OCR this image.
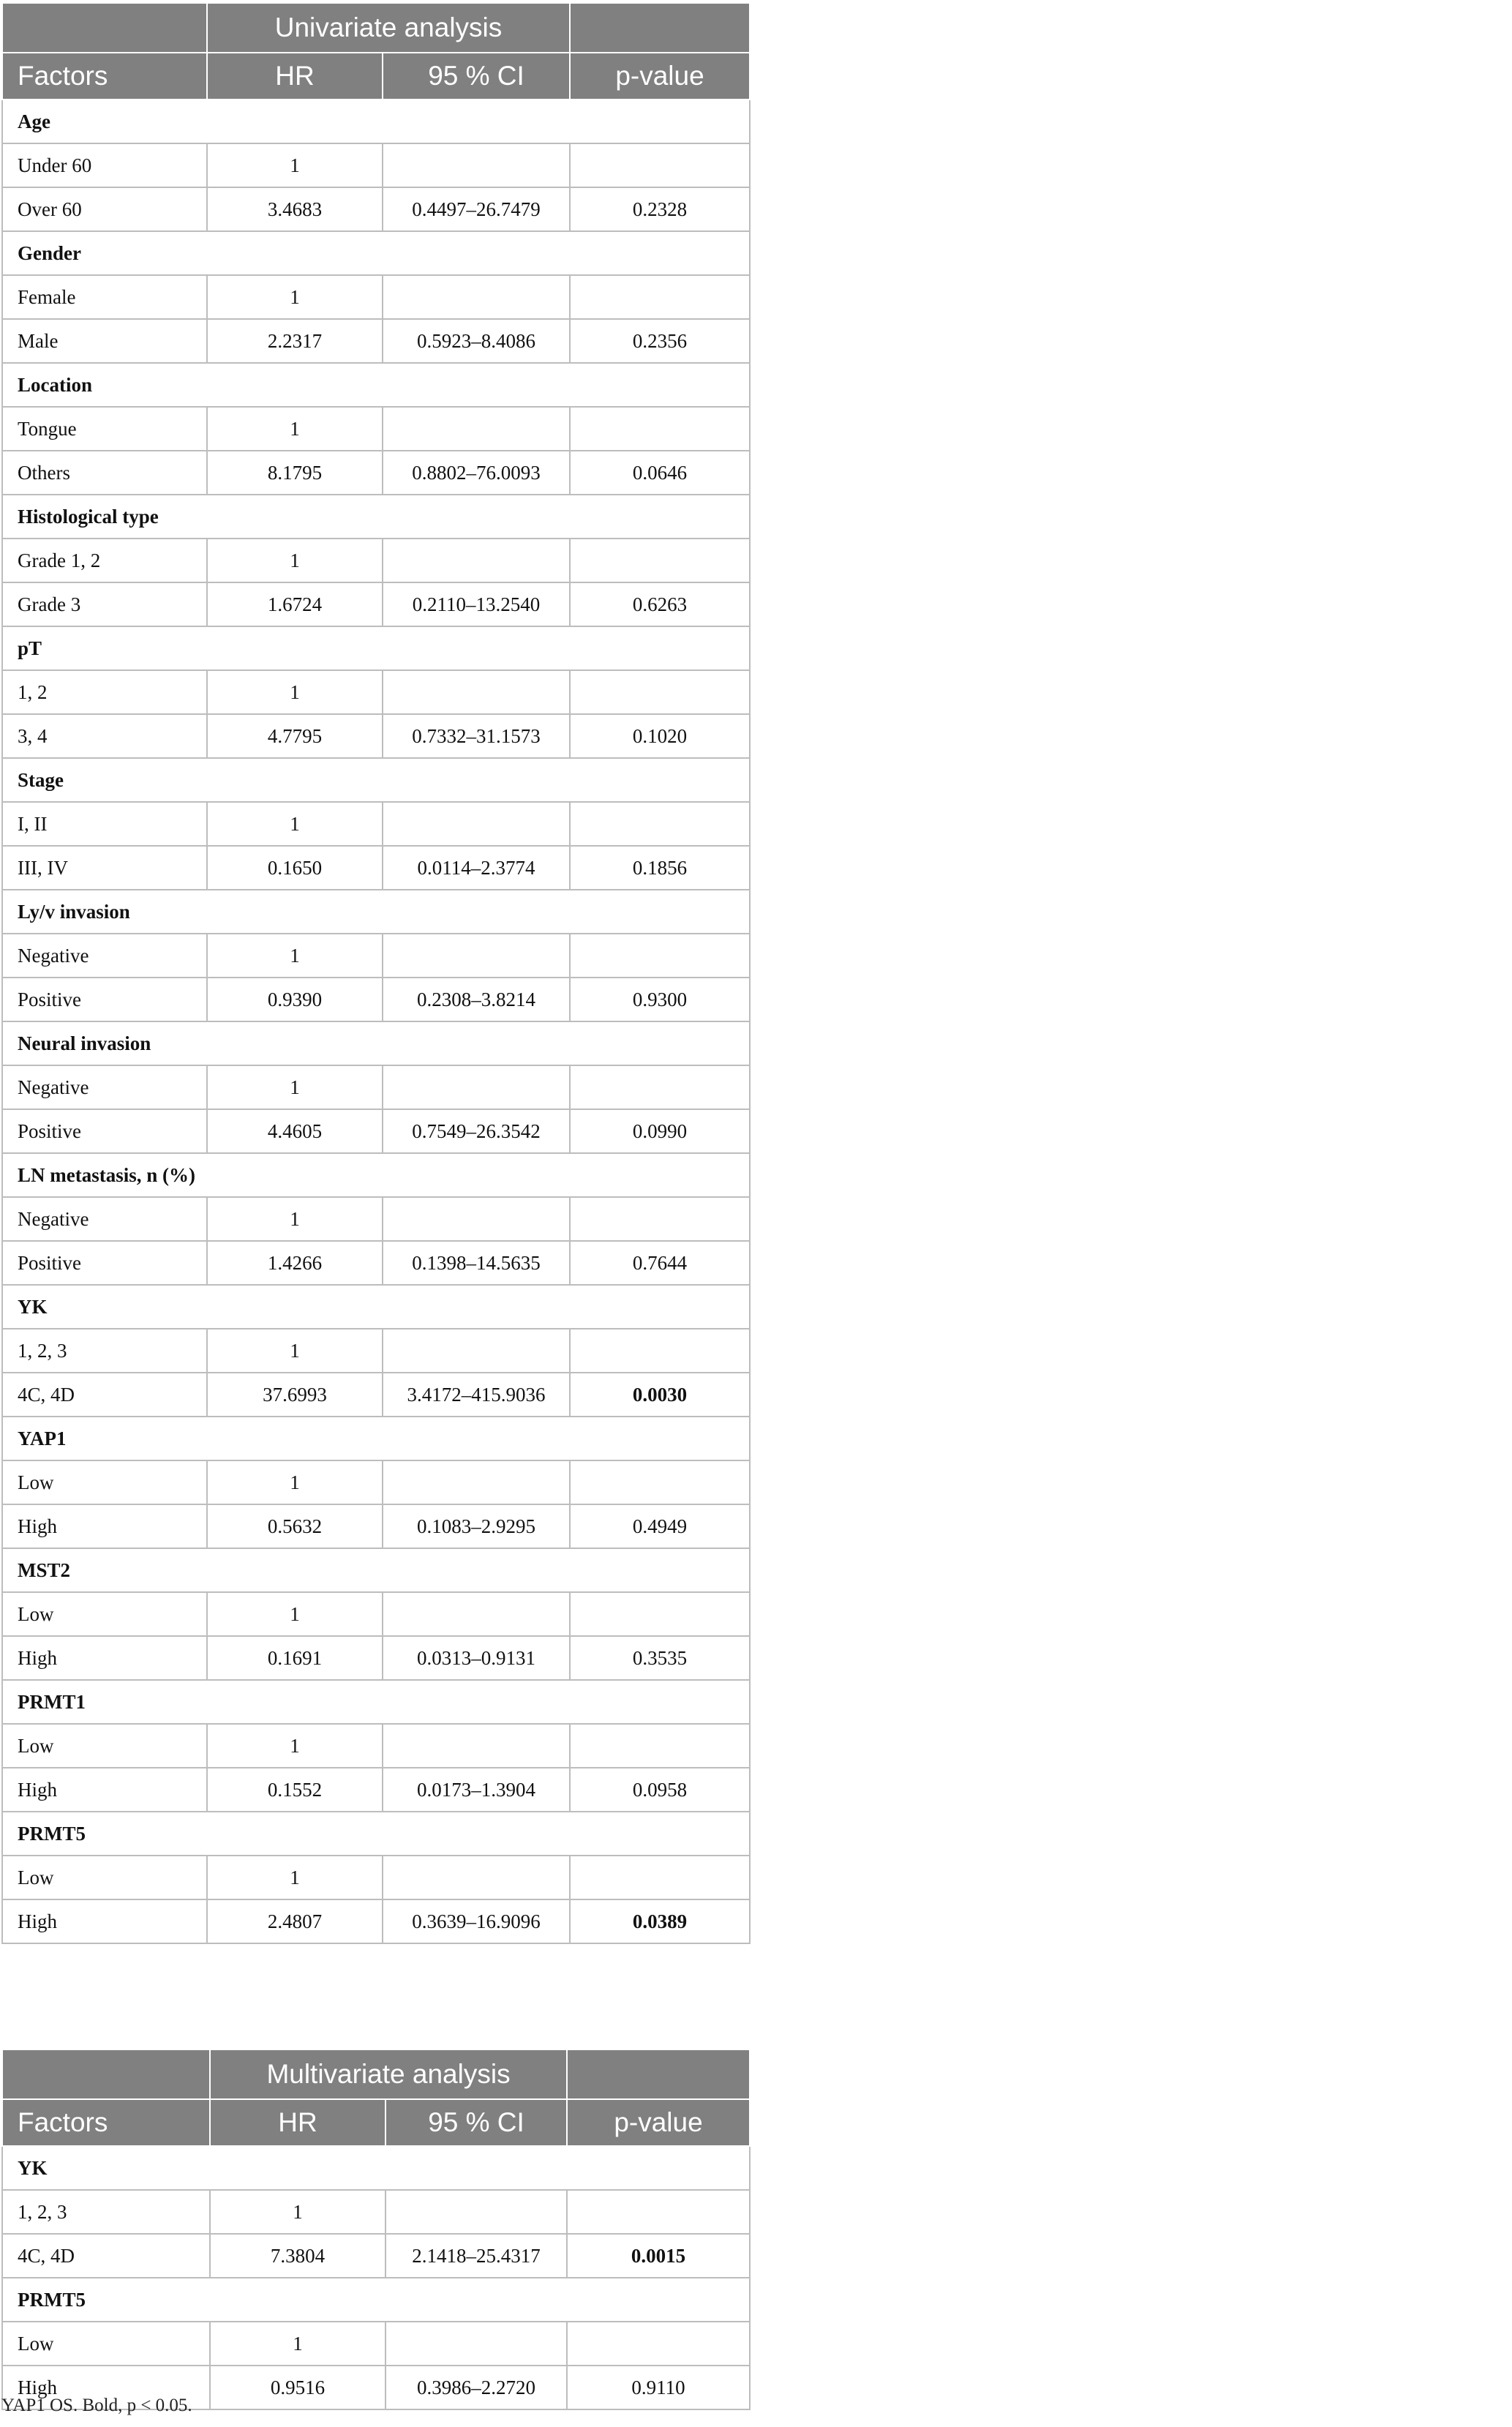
	Univariate analysis		
Factors	HR	95 % CI	p-value
Age			
Under 60	1		
Over 60	3.4683	0.4497–26.7479	0.2328
Gender			
Female	1		
Male	2.2317	0.5923–8.4086	0.2356
Location			
Tongue	1		
Others	8.1795	0.8802–76.0093	0.0646
Histological type			
Grade 1, 2	1		
Grade 3	1.6724	0.2110–13.2540	0.6263
pT			
1, 2	1		
3, 4	4.7795	0.7332–31.1573	0.1020
Stage			
I, II	1		
III, IV	0.1650	0.0114–2.3774	0.1856
Ly/v invasion			
Negative	1		
Positive	0.9390	0.2308–3.8214	0.9300
Neural invasion			
Negative	1		
Positive	4.4605	0.7549–26.3542	0.0990
LN metastasis, n (%)			
Negative	1		
Positive	1.4266	0.1398–14.5635	0.7644
YK			
1, 2, 3	1		
4C, 4D	37.6993	3.4172–415.9036	0.0030
YAP1			
Low	1		
High	0.5632	0.1083–2.9295	0.4949
MST2			
Low	1		
High	0.1691	0.0313–0.9131	0.3535
PRMT1			
Low	1		
High	0.1552	0.0173–1.3904	0.0958
PRMT5			
Low	1		
High	2.4807	0.3639–16.9096	0.0389
	Multivariate analysis		
Factors	HR	95 % CI	p-value
YK			
1, 2, 3	1		
4C, 4D	7.3804	2.1418–25.4317	0.0015
PRMT5			
Low	1		
High	0.9516	0.3986–2.2720	0.9110
YAP1 OS. Bold, p < 0.05.
